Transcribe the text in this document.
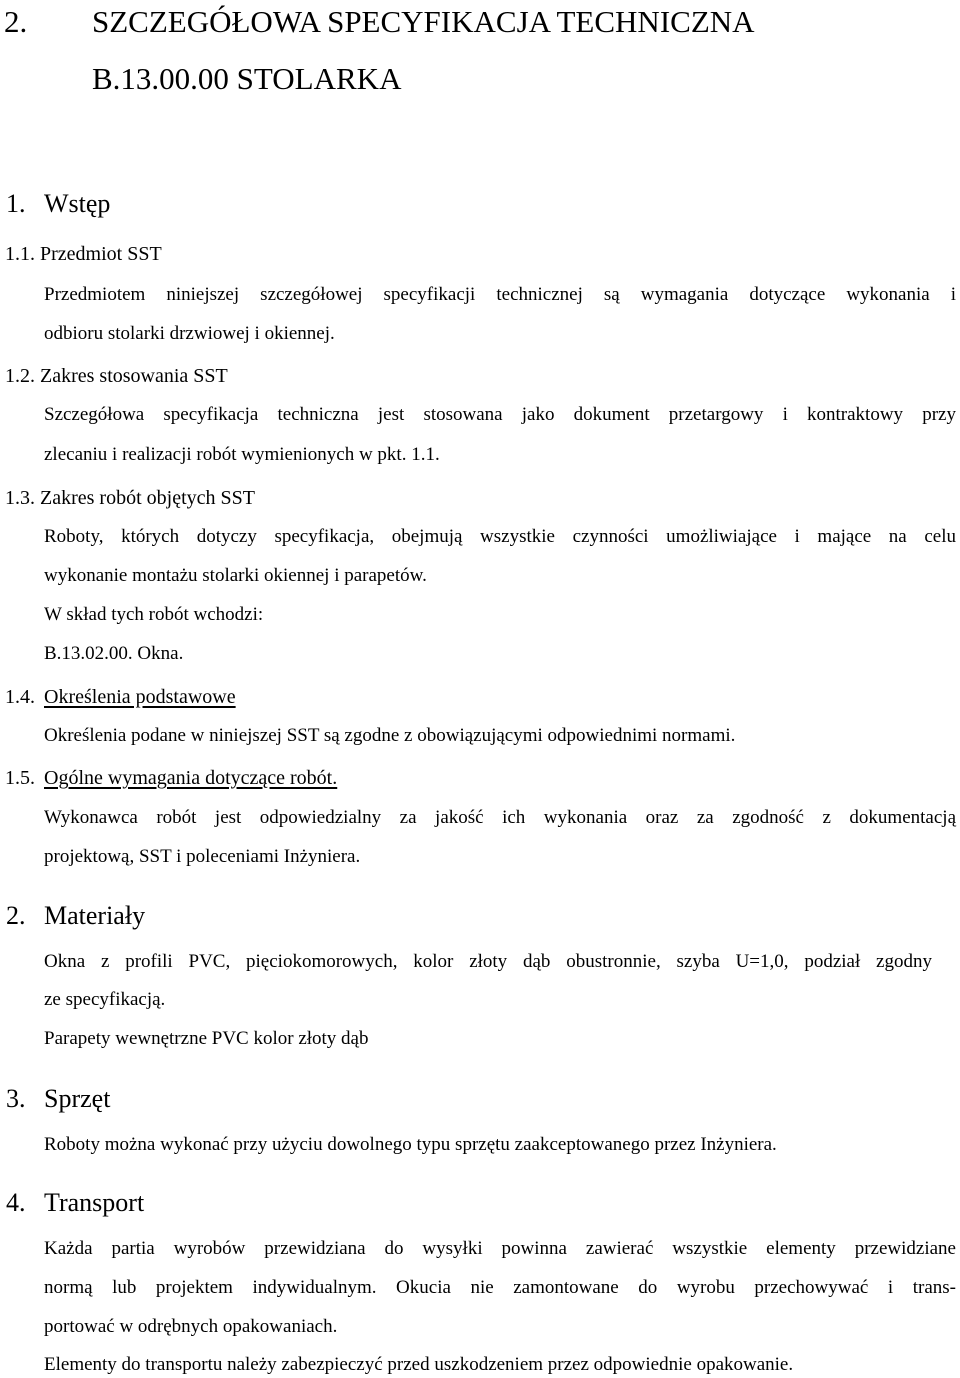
2. SZCZEGÓŁOWA SPECYFIKACJA TECHNICZNA
B.13.00.00 STOLARKA
1. Wstęp
1.1. Przedmiot SST
Przedmiotem niniejszej szczegółowej specyfikacji technicznej są wymagania dotyczące wykonania i
odbioru stolarki drzwiowej i okiennej.
1.2. Zakres stosowania SST
Szczegółowa specyfikacja techniczna jest stosowana jako dokument przetargowy i kontraktowy przy
zlecaniu i realizacji robót wymienionych w pkt. 1.1.
1.3. Zakres robót objętych SST
Roboty, których dotyczy specyfikacja, obejmują wszystkie czynności umożliwiające i mające na celu
wykonanie montażu stolarki okiennej i parapetów.
W skład tych robót wchodzi:
B.13.02.00. Okna.
1.4. Określenia podstawowe
Określenia podane w niniejszej SST są zgodne z obowiązującymi odpowiednimi normami.
1.5. Ogólne wymagania dotyczące robót.
Wykonawca robót jest odpowiedzialny za jakość ich wykonania oraz za zgodność z dokumentacją
projektową, SST i poleceniami Inżyniera.
2. Materiały
Okna z profili PVC, pięciokomorowych, kolor złoty dąb obustronnie, szyba U=1,0, podział zgodny
ze specyfikacją.
Parapety wewnętrzne PVC kolor złoty dąb
3. Sprzęt
Roboty można wykonać przy użyciu dowolnego typu sprzętu zaakceptowanego przez Inżyniera.
4. Transport
Każda partia wyrobów przewidziana do wysyłki powinna zawierać wszystkie elementy przewidziane
normą lub projektem indywidualnym. Okucia nie zamontowane do wyrobu przechowywać i trans-
portować w odrębnych opakowaniach.
Elementy do transportu należy zabezpieczyć przed uszkodzeniem przez odpowiednie opakowanie.
